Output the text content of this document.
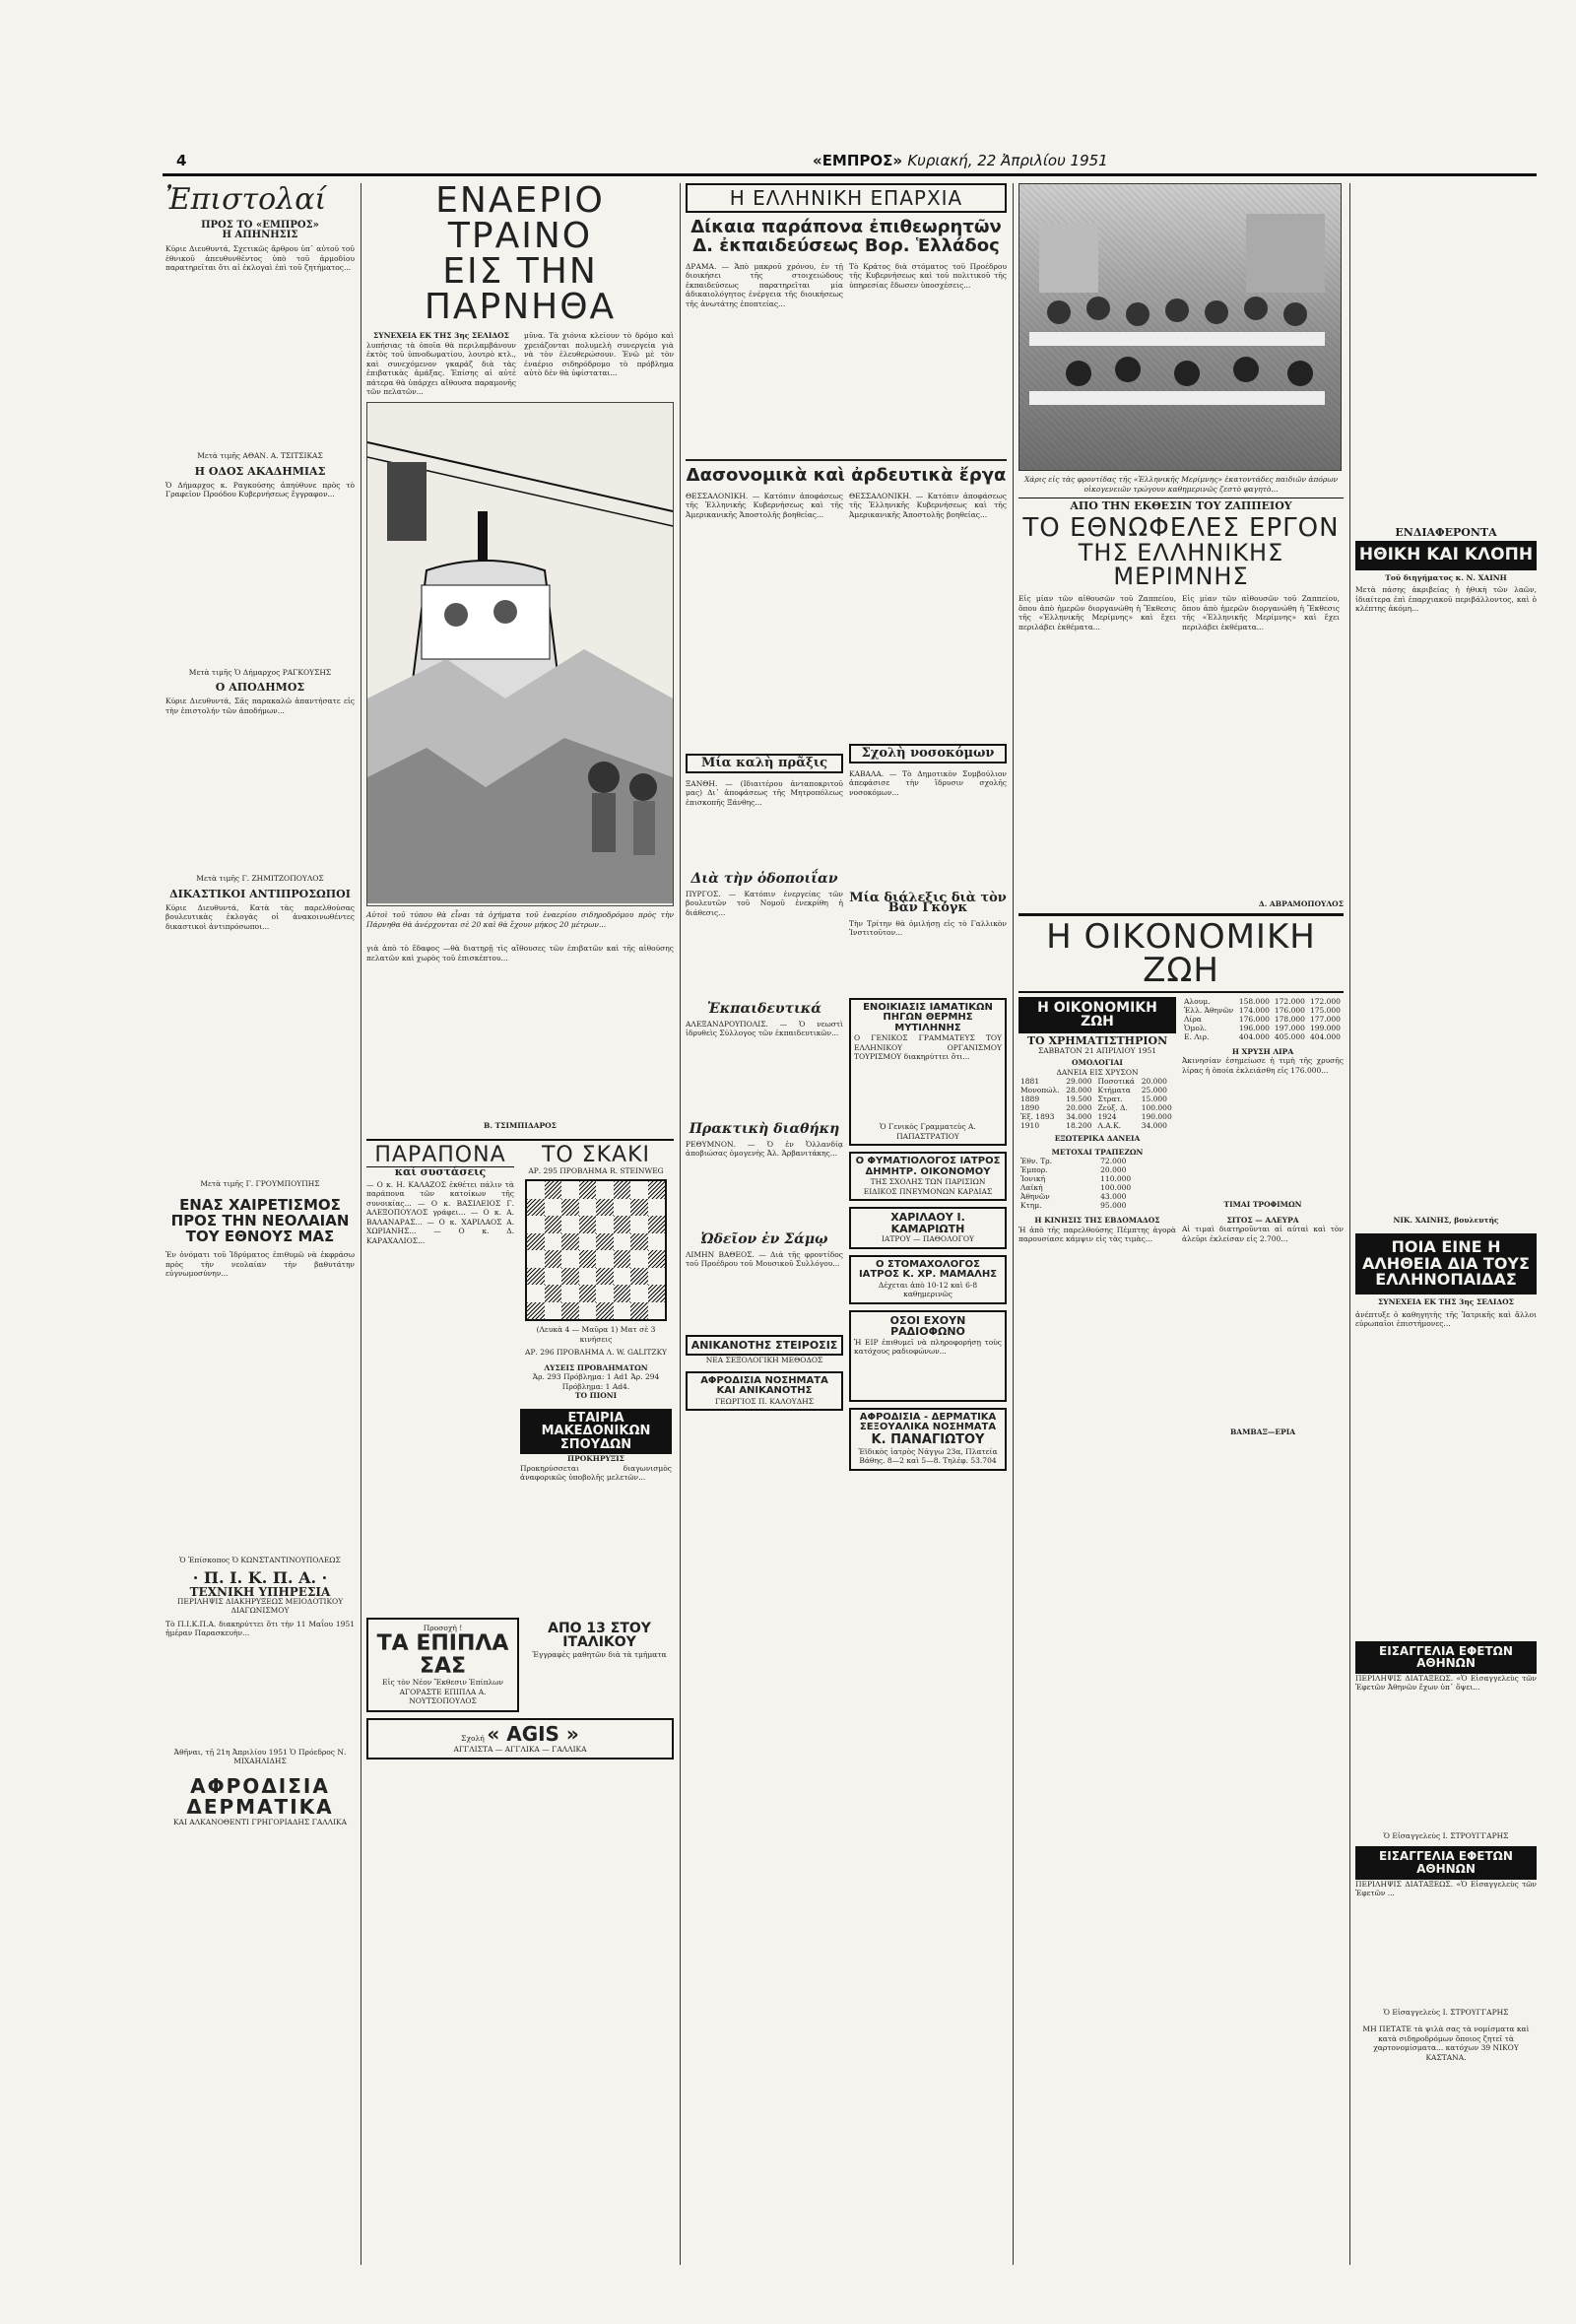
4	«ΕΜΠΡΟΣ» Κυριακή, 22 Ἀπριλίου 1951
Ἐπιστολαί
ΠΡΟΣ ΤΟ «ΕΜΠΡΟΣ»
Η ΑΠΗΝΗΣΙΣ
Κύριε Διευθυντά, Σχετικῶς ἄρθρου ὑπ᾽ αὐτοῦ τοῦ ἐθνικοῦ ἀπευθυνθέντος ὑπὸ τοῦ ἀρμοδίου παρατηρεῖται ὅτι αἱ ἐκλογαὶ ἐπὶ τοῦ ζητήματος...
Μετὰ τιμῆς ΑΘΑΝ. Α. ΤΣΙΤΣΙΚΑΣ
Η ΟΔΟΣ ΑΚΑΔΗΜΙΑΣ
Ὁ Δήμαρχος κ. Ραγκούσης ἀπηύθυνε πρὸς τὸ Γραφεῖον Προόδου Κυβερνήσεως ἔγγραφον...
Μετὰ τιμῆς Ὁ Δήμαρχος ΡΑΓΚΟΥΣΗΣ
Ο ΑΠΟΔΗΜΟΣ
Κύριε Διευθυντά, Σᾶς παρακαλῶ ἀπαντήσατε εἰς τὴν ἐπιστολήν τῶν ἀποδήμων...
Μετὰ τιμῆς Γ. ΖΗΜΙΤΖΟΠΟΥΛΟΣ
ΔΙΚΑΣΤΙΚΟΙ ΑΝΤΙΠΡΟΣΩΠΟΙ
Κύριε Διευθυντά, Κατὰ τὰς παρελθούσας βουλευτικὰς ἐκλογὰς οἱ ἀνακοινωθέντες δικαστικοὶ ἀντιπρόσωποι...
Μετὰ τιμῆς Γ. ΓΡΟΥΜΠΟΥΠΗΣ
ΕΝΑΣ ΧΑΙΡΕΤΙΣΜΟΣ ΠΡΟΣ ΤΗΝ ΝΕΟΛΑΙΑΝ ΤΟΥ ΕΘΝΟΥΣ ΜΑΣ
Ἐν ὀνόματι τοῦ Ἰδρύματος ἐπιθυμῶ νὰ ἐκφράσω πρὸς τὴν νεολαίαν τὴν βαθυτάτην εὐγνωμοσύνην...
Ὁ Ἐπίσκοπος Ὁ ΚΩΝΣΤΑΝΤΙΝΟΥΠΟΛΕΩΣ
· Π. Ι. Κ. Π. Α. ·
ΤΕΧΝΙΚΗ ΥΠΗΡΕΣΙΑ
ΠΕΡΙΛΗΨΙΣ ΔΙΑΚΗΡΥΞΕΩΣ ΜΕΙΟΔΟΤΙΚΟΥ ΔΙΑΓΩΝΙΣΜΟΥ
Τὸ Π.Ι.Κ.Π.Α. διακηρύττει ὅτι τὴν 11 Μαΐου 1951 ἡμέραν Παρασκευὴν...
Ἀθῆναι, τῇ 21η Ἀπριλίου 1951 Ὁ Πρόεδρος Ν. ΜΙΧΑΗΛΙΔΗΣ
ΑΦΡΟΔΙΣΙΑ ΔΕΡΜΑΤΙΚΑ
ΚΑΙ ΑΛΚΑΝΟΘΕΝΤΙ ΓΡΗΓΟΡΙΑΔΗΣ ΓΑΛΛΙΚΑ
ΕΝΑΕΡΙΟ ΤΡΑΙΝΟ
ΕΙΣ ΤΗΝ ΠΑΡΝΗΘΑ
ΣΥΝΕΧΕΙΑ ΕΚ ΤΗΣ 3ης ΣΕΛΙΔΟΣ
λυπήσιας τὰ ὁποῖα θὰ περιλαμβάνουν ἐκτὸς τοῦ ὑπνοδωματίου, λουτρὸ κτλ., καὶ συνεχόμενον γκαράζ διὰ τὰς ἐπιβατικὰς ἁμάξας. Ἐπίσης αἱ αὐτὲ πάτερα θὰ ὑπάρχει αἴθουσα παραμονῆς τῶν πελατῶν...
μῦνα. Τὰ χιόνια κλείουν τὸ δρόμο καὶ χρειάζονται πολυμελὴ συνεργεία γιὰ νὰ τὸν ἐλευθερώσουν. Ἐνῶ μὲ τὸν ἐναέριο σιδηρόδρομο τὸ πρόβλημα αὐτὸ δὲν θὰ ὑφίσταται...
Αὐτοὶ τοῦ τύπου θὰ εἶναι τὰ ὀχήματα τοῦ ἐναερίου σιδηροδρόμου πρὸς τὴν Πάρνηθα θὰ ἀνέρχονται σὲ 20 καὶ θὰ ἔχουν μήκος 20 μέτρων...
γιὰ ἀπὸ τὸ ἔδαφος —θὰ διατηρῇ τὶς αἴθουσες τῶν ἐπιβατῶν καὶ τῆς αἰθούσης πελατῶν καὶ χωρὸς τοῦ ἐπισκέπτου...
Β. ΤΣΙΜΠΙΔΑΡΟΣ
ΠΑΡΑΠΟΝΑ
καὶ συστάσεις
— Ο κ. Η. ΚΑΛΑΖΟΣ ἐκθέτει πάλιν τὰ παράπονα τῶν κατοίκων τῆς συνοικίας... — Ο κ. ΒΑΣΙΛΕΙΟΣ Γ. ΑΛΕΞΟΠΟΥΛΟΣ γράφει... — Ο κ. Α. ΒΑΛΑΝΑΡΑΣ... — Ο κ. ΧΑΡΙΛΑΟΣ Α. ΧΩΡΙΑΝΗΣ... — Ο κ. Δ. ΚΑΡΑΧΑΛΙΟΣ...
ΤΟ ΣΚΑΚΙ
ΑΡ. 295 ΠΡΟΒΛΗΜΑ R. STEINWEG
(Λευκὰ 4 — Μαῦρα 1) Ματ σὲ 3 κινήσεις
ΑΡ. 296 ΠΡΟΒΛΗΜΑ Λ. W. GALITZKY
ΛΥΣΕΙΣ ΠΡΟΒΛΗΜΑΤΩΝ
Ἀρ. 293 Πρόβλημα: 1 Αd1 Ἀρ. 294 Πρόβλημα: 1 Αd4.
ΤΟ ΠΙΟΝΙ
ΕΤΑΙΡΙΑ ΜΑΚΕΔΟΝΙΚΩΝ ΣΠΟΥΔΩΝ
ΠΡΟΚΗΡΥΞΙΣ
Προκηρύσσεται διαγωνισμὸς ἀναφορικῶς ὑποβολῆς μελετῶν...
Προσοχή !
ΤΑ ΕΠΙΠΛΑ ΣΑΣ
Εἰς τὸν Νέον Ἔκθεσιν Ἐπίπλων ΑΓΟΡΑΣΤΕ ΕΠΙΠΛΑ Α. ΝΟΥΤΣΟΠΟΥΛΟΣ
ΑΠΟ 13 ΣΤΟΥ ΙΤΑΛΙΚΟΥ
Ἐγγραφὲς μαθητῶν διὰ τὰ τμήματα
Σχολή « AGIS »
ΑΓΓΛΙΣΤΑ — ΑΓΓΛΙΚΑ — ΓΑΛΛΙΚΑ
Η ΕΛΛΗΝΙΚΗ ΕΠΑΡΧΙΑ
Δίκαια παράπονα ἐπιθεωρητῶν Δ. ἐκπαιδεύσεως Βορ. Ἑλλάδος
ΔΡΑΜΑ. — Ἀπὸ μακροῦ χρόνου, ἐν τῇ διοικήσει τῆς στοιχειώδους ἐκπαιδεύσεως παρατηρεῖται μία ἀδικαιολόγητος ἐνέργεια τῆς διοικήσεως τῆς ἀνωτάτης ἐποπτείας...
Τὸ Κράτος διὰ στόματος τοῦ Προέδρου τῆς Κυβερνήσεως καὶ τοῦ πολιτικοῦ τῆς ὑπηρεσίας ἔδωσεν ὑποσχέσεις...
Δασονομικὰ καὶ ἀρδευτικὰ ἔργα
ΘΕΣΣΑΛΟΝΙΚΗ. — Κατόπιν ἀποφάσεως τῆς Ἑλληνικῆς Κυβερνήσεως καὶ τῆς Ἀμερικανικῆς Ἀποστολῆς βοηθείας...
Μία καλὴ πρᾶξις
ΞΑΝΘΗ. — (Ιδιαιτέρου ἀνταποκριτοῦ μας) Δι᾽ ἀποφάσεως τῆς Μητροπόλεως ἐπισκοπῆς Ξάνθης...
Διὰ τὴν ὁδοποιΐαν
ΠΥΡΓΟΣ. — Κατόπιν ἐνεργείας τῶν βουλευτῶν τοῦ Νομοῦ ἐνεκρίθη ἡ διάθεσις...
Ἐκπαιδευτικά
ΑΛΕΞΑΝΔΡΟΥΠΟΛΙΣ. — Ὁ νεωστὶ ἱδρυθεὶς Σύλλογος τῶν ἐκπαιδευτικῶν...
Πρακτικὴ διαθήκη
ΡΕΘΥΜΝΟΝ. — Ὁ ἐν Ὁλλανδίᾳ ἀποβιώσας ὁμογενὴς Ἀλ. Ἀρβανιτάκης...
Ὠδεῖον ἐν Σάμῳ
ΛΙΜΗΝ ΒΑΘΕΟΣ. — Διὰ τῆς φροντίδος τοῦ Προέδρου τοῦ Μουσικοῦ Συλλόγου...
ΑΝΙΚΑΝΟΤΗΣ ΣΤΕΙΡΟΣΙΣ
ΝΕΑ ΣΕΞΟΛΟΓΙΚΗ ΜΕΘΟΔΟΣ
ΑΦΡΟΔΙΣΙΑ ΝΟΣΗΜΑΤΑ ΚΑΙ ΑΝΙΚΑΝΟΤΗΣ
ΓΕΩΡΓΙΟΣ Π. ΚΑΛΟΥΔΗΣ
ΘΕΣΣΑΛΟΝΙΚΗ. — Κατόπιν ἀποφάσεως τῆς Ἑλληνικῆς Κυβερνήσεως καὶ τῆς Ἀμερικανικῆς Ἀποστολῆς βοηθείας...
Σχολὴ νοσοκόμων
ΚΑΒΑΛΑ. — Τὸ Δημοτικὸν Συμβούλιον ἀπεφάσισε τὴν ἵδρυσιν σχολῆς νοσοκόμων...
Μία διάλεξις διὰ τὸν Βὰν Γκόγκ
Τὴν Τρίτην θὰ ὁμιλήσῃ εἰς τὸ Γαλλικὸν Ἰνστιτοῦτον...
ΕΝΟΙΚΙΑΣΙΣ ΙΑΜΑΤΙΚΩΝ ΠΗΓΩΝ ΘΕΡΜΗΣ ΜΥΤΙΛΗΝΗΣ
Ο ΓΕΝΙΚΟΣ ΓΡΑΜΜΑΤΕΥΣ ΤΟΥ ΕΛΛΗΝΙΚΟΥ ΟΡΓΑΝΙΣΜΟΥ ΤΟΥΡΙΣΜΟΥ διακηρύττει ὅτι...
Ὁ Γενικὸς Γραμματεὺς Α. ΠΑΠΑΣΤΡΑΤΙΟΥ
Ο ΦΥΜΑΤΙΟΛΟΓΟΣ ΙΑΤΡΟΣ ΔΗΜΗΤΡ. ΟΙΚΟΝΟΜΟΥ
ΤΗΣ ΣΧΟΛΗΣ ΤΩΝ ΠΑΡΙΣΙΩΝ ΕΙΔΙΚΟΣ ΠΝΕΥΜΟΝΩΝ ΚΑΡΔΙΑΣ
ΧΑΡΙΛΑΟΥ Ι. ΚΑΜΑΡΙΩΤΗ
ΙΑΤΡΟΥ — ΠΑΘΟΛΟΓΟΥ
Ο ΣΤΟΜΑΧΟΛΟΓΟΣ ΙΑΤΡΟΣ Κ. ΧΡ. ΜΑΜΑΛΗΣ
Δέχεται ἀπὸ 10-12 καὶ 6-8 καθημερινῶς
ΟΣΟΙ ΕΧΟΥΝ ΡΑΔΙΟΦΩΝΟ
Ἡ ΕΙΡ ἐπιθυμεῖ νὰ πληροφορήσῃ τοὺς κατόχους ραδιοφώνων...
ΑΦΡΟΔΙΣΙΑ - ΔΕΡΜΑΤΙΚΑ ΣΕΞΟΥΑΛΙΚΑ ΝΟΣΗΜΑΤΑ
Κ. ΠΑΝΑΓΙΩΤΟΥ
Ἐϊδικὸς ἰατρὸς Νάγγω 23α, Πλατεία Βάθης. 8—2 καὶ 5—8. Τηλέφ. 53.704
Χάρις εἰς τὰς φροντίδας τῆς «Ἑλληνικῆς Μερίμνης» ἑκατοντάδες παιδιῶν ἀπόρων οἰκογενειῶν τρώγουν καθημερινῶς ζεστὸ φαγητὸ...
ΑΠΟ ΤΗΝ ΕΚΘΕΣΙΝ ΤΟΥ ΖΑΠΠΕΙΟΥ
ΤΟ ΕΘΝΩΦΕΛΕΣ ΕΡΓΟΝ
ΤΗΣ ΕΛΛΗΝΙΚΗΣ ΜΕΡΙΜΝΗΣ
Εἰς μίαν τῶν αἰθουσῶν τοῦ Ζαππείου, ὅπου ἀπὸ ἡμερῶν διοργανώθη ἡ Ἔκθεσις τῆς «Ἑλληνικῆς Μερίμνης» καὶ ἔχει περιλάβει ἐκθέματα...
Εἰς μίαν τῶν αἰθουσῶν τοῦ Ζαππείου, ὅπου ἀπὸ ἡμερῶν διοργανώθη ἡ Ἔκθεσις τῆς «Ἑλληνικῆς Μερίμνης» καὶ ἔχει περιλάβει ἐκθέματα...
Δ. ΑΒΡΑΜΟΠΟΥΛΟΣ
Η ΟΙΚΟΝΟΜΙΚΗ ΖΩΗ
Η ΟΙΚΟΝΟΜΙΚΗ ΖΩΗ
ΤΟ ΧΡΗΜΑΤΙΣΤΗΡΙΟΝ
ΣΑΒΒΑΤΟΝ 21 ΑΠΡΙΛΙΟΥ 1951
ΟΜΟΛΟΓΙΑΙ
ΔΑΝΕΙΑ ΕΙΣ ΧΡΥΣΟΝ
1881	29.000	Ποσοτικά	20.000
Μονοπώλ.	28.000	Κτήματα	25.000
1889	19.500	Στρατ.	15.000
1890	20.000	Ζεύξ. Δ.	100.000
Ἐξ. 1893	34.000	1924	190.000
1910	18.200	Λ.Α.Κ.	34.000
ΕΞΩΤΕΡΙΚΑ ΔΑΝΕΙΑ
ΜΕΤΟΧΑΙ ΤΡΑΠΕΖΩΝ
Ἐθν. Τρ.	72.000
Ἐμπορ.	20.000
Ἰονική	110.000
Λαϊκή	100.000
Ἀθηνῶν	43.000
Κτημ.	95.000
Η ΚΙΝΗΣΙΣ ΤΗΣ ΕΒΔΟΜΑΔΟΣ
Ἡ ἀπὸ τῆς παρελθούσης Πέμπτης ἀγορὰ παρουσίασε κάμψιν εἰς τὰς τιμὰς...
Αλουμ.	158.000	172.000	172.000
Ἑλλ. Ἀθηνῶν	174.000	176.000	175.000
Λίρα	176.000	178.000	177.000
Ὁμολ.	196.000	197.000	199.000
Ε. Λιρ.	404.000	405.000	404.000
Η ΧΡΥΣΗ ΛΙΡΑ
Ἀκινησίαν ἐσημείωσε ἡ τιμὴ τῆς χρυσῆς λίρας ἡ ὁποία ἐκλειάσθη εἰς 176.000...
ΤΙΜΑΙ ΤΡΟΦΙΜΩΝ
ΣΙΤΟΣ — ΑΛΕΥΡΑ
Αἱ τιμαὶ διατηροῦνται αἱ αὐταὶ καὶ τὸν ἀλεῦρι ἐκλείσαν εἰς 2.700...
ΒΑΜΒΑΞ—ΕΡΙΑ
ΕΝΔΙΑΦΕΡΟΝΤΑ
ΗΘΙΚΗ ΚΑΙ ΚΛΟΠΗ
Τοῦ διηγήματος κ. Ν. ΧΑΙΝΗ
Μετὰ πάσης ἀκριβείας ἡ ἠθικὴ τῶν λαῶν, ἰδιαίτερα ἐπὶ ἐπαρχιακοῦ περιβάλλοντος, καὶ ὁ κλέπτης ἀκόμη...
ΝΙΚ. ΧΑΙΝΗΣ, βουλευτής
ΠΟΙΑ ΕΙΝΕ Η ΑΛΗΘΕΙΑ ΔΙΑ ΤΟΥΣ ΕΛΛΗΝΟΠΑΙΔΑΣ
ΣΥΝΕΧΕΙΑ ΕΚ ΤΗΣ 3ης ΣΕΛΙΔΟΣ
ἀνέπτυξε ὁ καθηγητὴς τῆς Ἰατρικῆς καὶ ἄλλοι εὐρωπαῖοι ἐπιστήμονες...
ΕΙΣΑΓΓΕΛΙΑ ΕΦΕΤΩΝ ΑΘΗΝΩΝ
ΠΕΡΙΛΗΨΙΣ ΔΙΑΤΑΞΕΩΣ. «Ὁ Εἰσαγγελεὺς τῶν Ἐφετῶν Ἀθηνῶν ἔχων ὑπ᾽ ὄψει...
Ὁ Εἰσαγγελεὺς Ι. ΣΤΡΟΥΓΓΑΡΗΣ
ΕΙΣΑΓΓΕΛΙΑ ΕΦΕΤΩΝ ΑΘΗΝΩΝ
ΠΕΡΙΛΗΨΙΣ ΔΙΑΤΑΞΕΩΣ. «Ὁ Εἰσαγγελεὺς τῶν Ἐφετῶν ...
Ὁ Εἰσαγγελεὺς Ι. ΣΤΡΟΥΓΓΑΡΗΣ
ΜΗ ΠΕΤΑΤΕ τὰ ψιλὰ σας τὰ νομίσματα καὶ κατὰ σιδηροδρόμων ὅποιος ζητεῖ τὰ χαρτονομίσματα... κατόχων 39 ΝΙΚΟΥ ΚΑΣΤΑΝΑ.
